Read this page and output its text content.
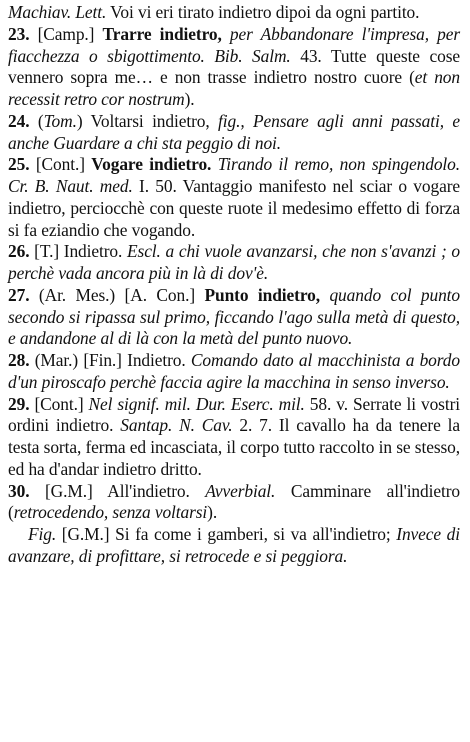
Machiav. Lett. Voi vi eri tirato indietro dipoi da ogni partito.

23. [Camp.] Trarre indietro, per Abbandonare l'impresa, per fiacchezza o sbigottimento. Bib. Salm. 43. Tutte queste cose vennero sopra me… e non trasse indietro nostro cuore (et non recessit retro cor nostrum).

24. (Tom.) Voltarsi indietro, fig., Pensare agli anni passati, e anche Guardare a chi sta peggio di noi.

25. [Cont.] Vogare indietro. Tirando il remo, non spingendolo. Cr. B. Naut. med. I. 50. Vantaggio manifesto nel sciar o vogare indietro, perciocchè con queste ruote il medesimo effetto di forza si fa eziandio che vogando.

26. [T.] Indietro. Escl. a chi vuole avanzarsi, che non s'avanzi ; o perchè vada ancora più in là di dov'è.

27. (Ar. Mes.) [A. Con.] Punto indietro, quando col punto secondo si ripassa sul primo, ficcando l'ago sulla metà di questo, e andandone al di là con la metà del punto nuovo.

28. (Mar.) [Fin.] Indietro. Comando dato al macchinista a bordo d'un piroscafo perchè faccia agire la macchina in senso inverso.

29. [Cont.] Nel signif. mil. Dur. Eserc. mil. 58. v. Serrate li vostri ordini indietro. Santap. N. Cav. 2. 7. Il cavallo ha da tenere la testa sorta, ferma ed incasciata, il corpo tutto raccolto in se stesso, ed ha d'andar indietro dritto.

30. [G.M.] All'indietro. Avverbial. Camminare all'indietro (retrocedendo, senza voltarsi).

Fig. [G.M.] Si fa come i gamberi, si va all'indietro; Invece di avanzare, di profittare, si retrocede e si peggiora.
